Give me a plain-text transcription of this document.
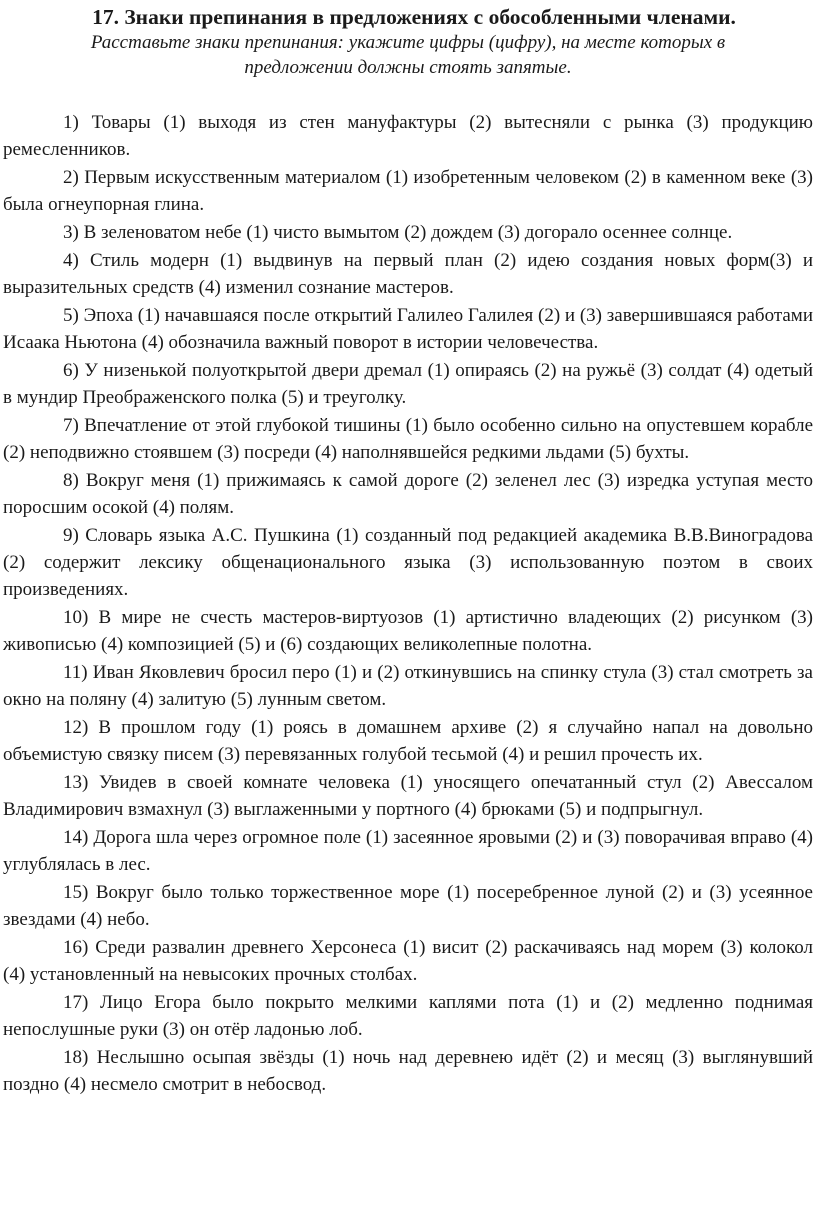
17. Знаки препинания в предложениях с обособленными членами.

Расставьте знаки препинания: укажите цифры (цифру), на месте которых в предложении должны стоять запятые.

1) Товары (1) выходя из стен мануфактуры (2) вытесняли с рынка (3) продукцию ремесленников.
2) Первым искусственным материалом (1) изобретенным человеком (2) в каменном веке (3) была огнеупорная глина.
3) В зеленоватом небе (1) чисто вымытом (2) дождем (3) догорало осеннее солнце.
4) Стиль модерн (1) выдвинув на первый план (2) идею создания новых форм(3) и выразительных средств (4) изменил сознание мастеров.
5) Эпоха (1) начавшаяся после открытий Галилео Галилея (2) и (3) завершившаяся работами Исаака Ньютона (4) обозначила важный поворот в истории человечества.
6) У низенькой полуоткрытой двери дремал (1) опираясь (2) на ружьё (3) солдат (4) одетый в мундир Преображенского полка (5) и треуголку.
7) Впечатление от этой глубокой тишины (1) было особенно сильно на опустевшем корабле (2) неподвижно стоявшем (3) посреди (4) наполнявшейся редкими льдами (5) бухты.
8) Вокруг меня (1) прижимаясь к самой дороге (2) зеленел лес (3) изредка уступая место поросшим осокой (4) полям.
9) Словарь языка А.С. Пушкина (1) созданный под редакцией академика В.В.Виноградова (2) содержит лексику общенационального языка (3) использованную поэтом в своих произведениях.
10) В мире не счесть мастеров-виртуозов (1) артистично владеющих (2) рисунком (3) живописью (4) композицией (5) и (6) создающих великолепные полотна.
11) Иван Яковлевич бросил перо (1) и (2) откинувшись на спинку стула (3) стал смотреть за окно на поляну (4) залитую (5) лунным светом.
12) В прошлом году (1) роясь в домашнем архиве (2) я случайно напал на довольно объемистую связку писем (3) перевязанных голубой тесьмой (4) и решил прочесть их.
13) Увидев в своей комнате человека (1) уносящего опечатанный стул (2) Авессалом Владимирович взмахнул (3) выглаженными у портного (4) брюками (5) и подпрыгнул.
14) Дорога шла через огромное поле (1) засеянное яровыми (2) и (3) поворачивая вправо (4) углублялась в лес.
15) Вокруг было только торжественное море (1) посеребренное луной (2) и (3) усеянное звездами (4) небо.
16) Среди развалин древнего Херсонеса (1) висит (2) раскачиваясь над морем (3) колокол (4) установленный на невысоких прочных столбах.
17) Лицо Егора было покрыто мелкими каплями пота (1) и (2) медленно поднимая непослушные руки (3) он отёр ладонью лоб.
18) Неслышно осыпая звёзды (1) ночь над деревнею идёт (2) и месяц (3) выглянувший поздно (4) несмело смотрит в небосвод.
